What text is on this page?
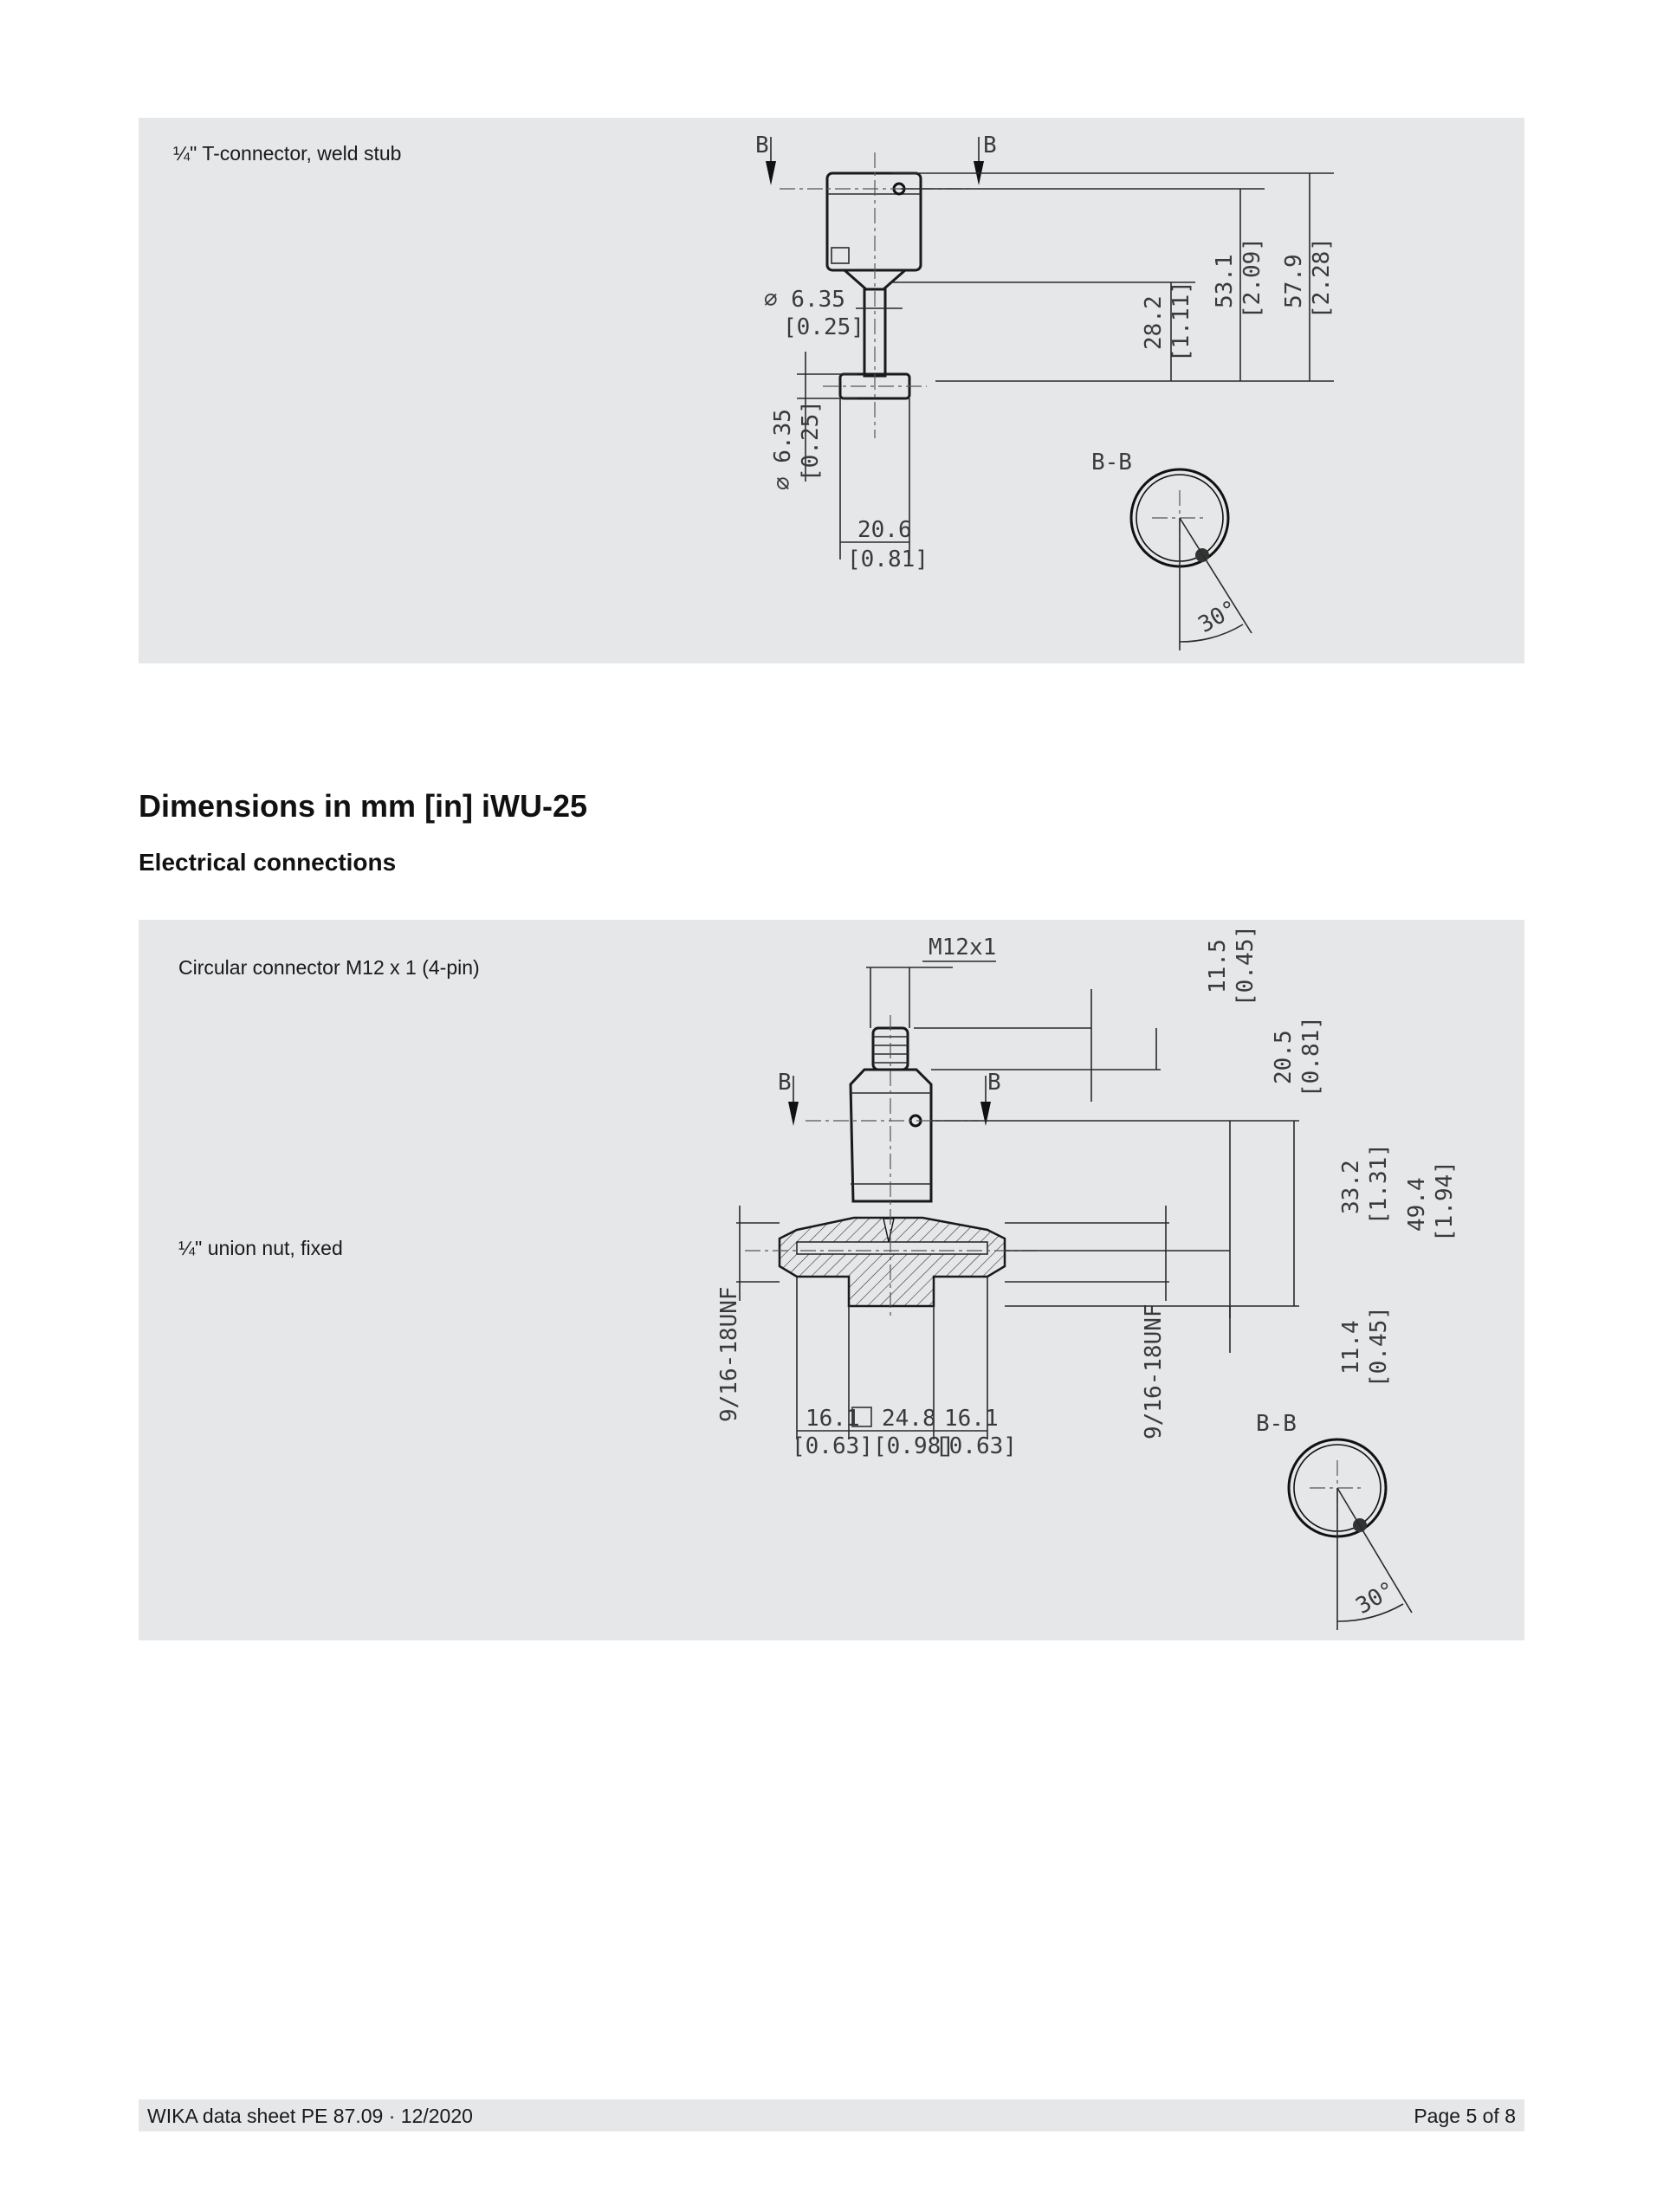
¼" T-connector, weld stub	B	B
⌀ 6.35
[0.25]
⌀ 6.35 [0.25]
20.6
[0.81]
28.2 [1.11] 53.1 [2.09] 57.9 [2.28]
B-B
30°
Dimensions in mm [in] iWU-25
Electrical connections
Circular connector M12 x 1 (4-pin)
¼" union nut, fixed
M12x1
B	B
9/16-18UNF	9/16-18UNF
16.1
[0.63]
24.8
[0.98]
16.1
[0.63]
11.5 [0.45]
20.5 [0.81]
33.2 [1.31] 49.4 [1.94]
11.4 [0.45]
B-B
30°
WIKA data sheet PE 87.09 · 12/2020	Page 5 of 8
